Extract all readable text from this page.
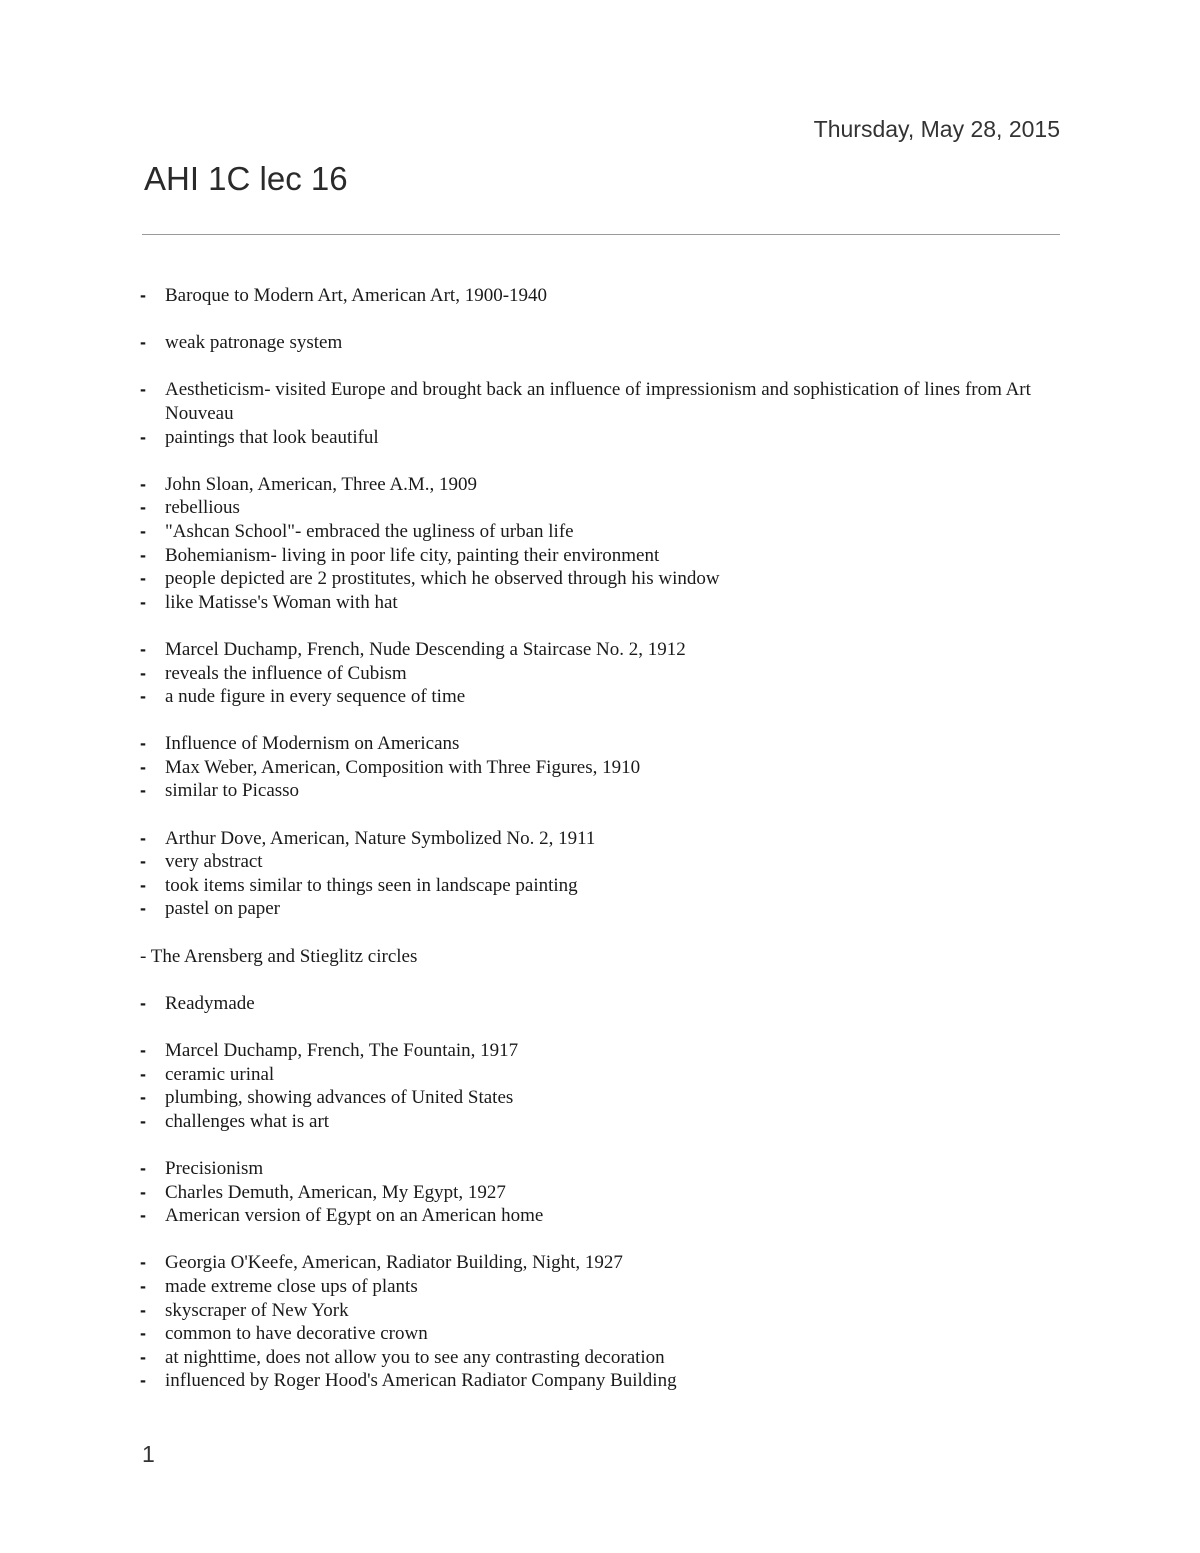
Thursday, May 28, 2015
AHI 1C lec 16
- Baroque to Modern Art, American Art, 1900-1940
- weak patronage system
- Aestheticism- visited Europe and brought back an influence of impressionism and sophistication of lines from Art Nouveau
- paintings that look beautiful
- John Sloan, American, Three A.M., 1909
- rebellious
- "Ashcan School"- embraced the ugliness of urban life
- Bohemianism- living in poor life city, painting their environment
- people depicted are 2 prostitutes, which he observed through his window
- like Matisse's Woman with hat
- Marcel Duchamp, French, Nude Descending a Staircase No. 2, 1912
- reveals the influence of Cubism
- a nude figure in every sequence of time
- Influence of Modernism on Americans
- Max Weber, American, Composition with Three Figures, 1910
- similar to Picasso
- Arthur Dove, American, Nature Symbolized No. 2, 1911
- very abstract
- took items similar to things seen in landscape painting
- pastel on paper
- The Arensberg and Stieglitz circles
- Readymade
- Marcel Duchamp, French, The Fountain, 1917
- ceramic urinal
- plumbing, showing advances of United States
- challenges what is art
- Precisionism
- Charles Demuth, American, My Egypt, 1927
- American version of Egypt on an American home
- Georgia O'Keefe, American, Radiator Building, Night, 1927
- made extreme close ups of plants
- skyscraper of New York
- common to have decorative crown
- at nighttime, does not allow you to see any contrasting decoration
- influenced by Roger Hood's American Radiator Company Building
1
